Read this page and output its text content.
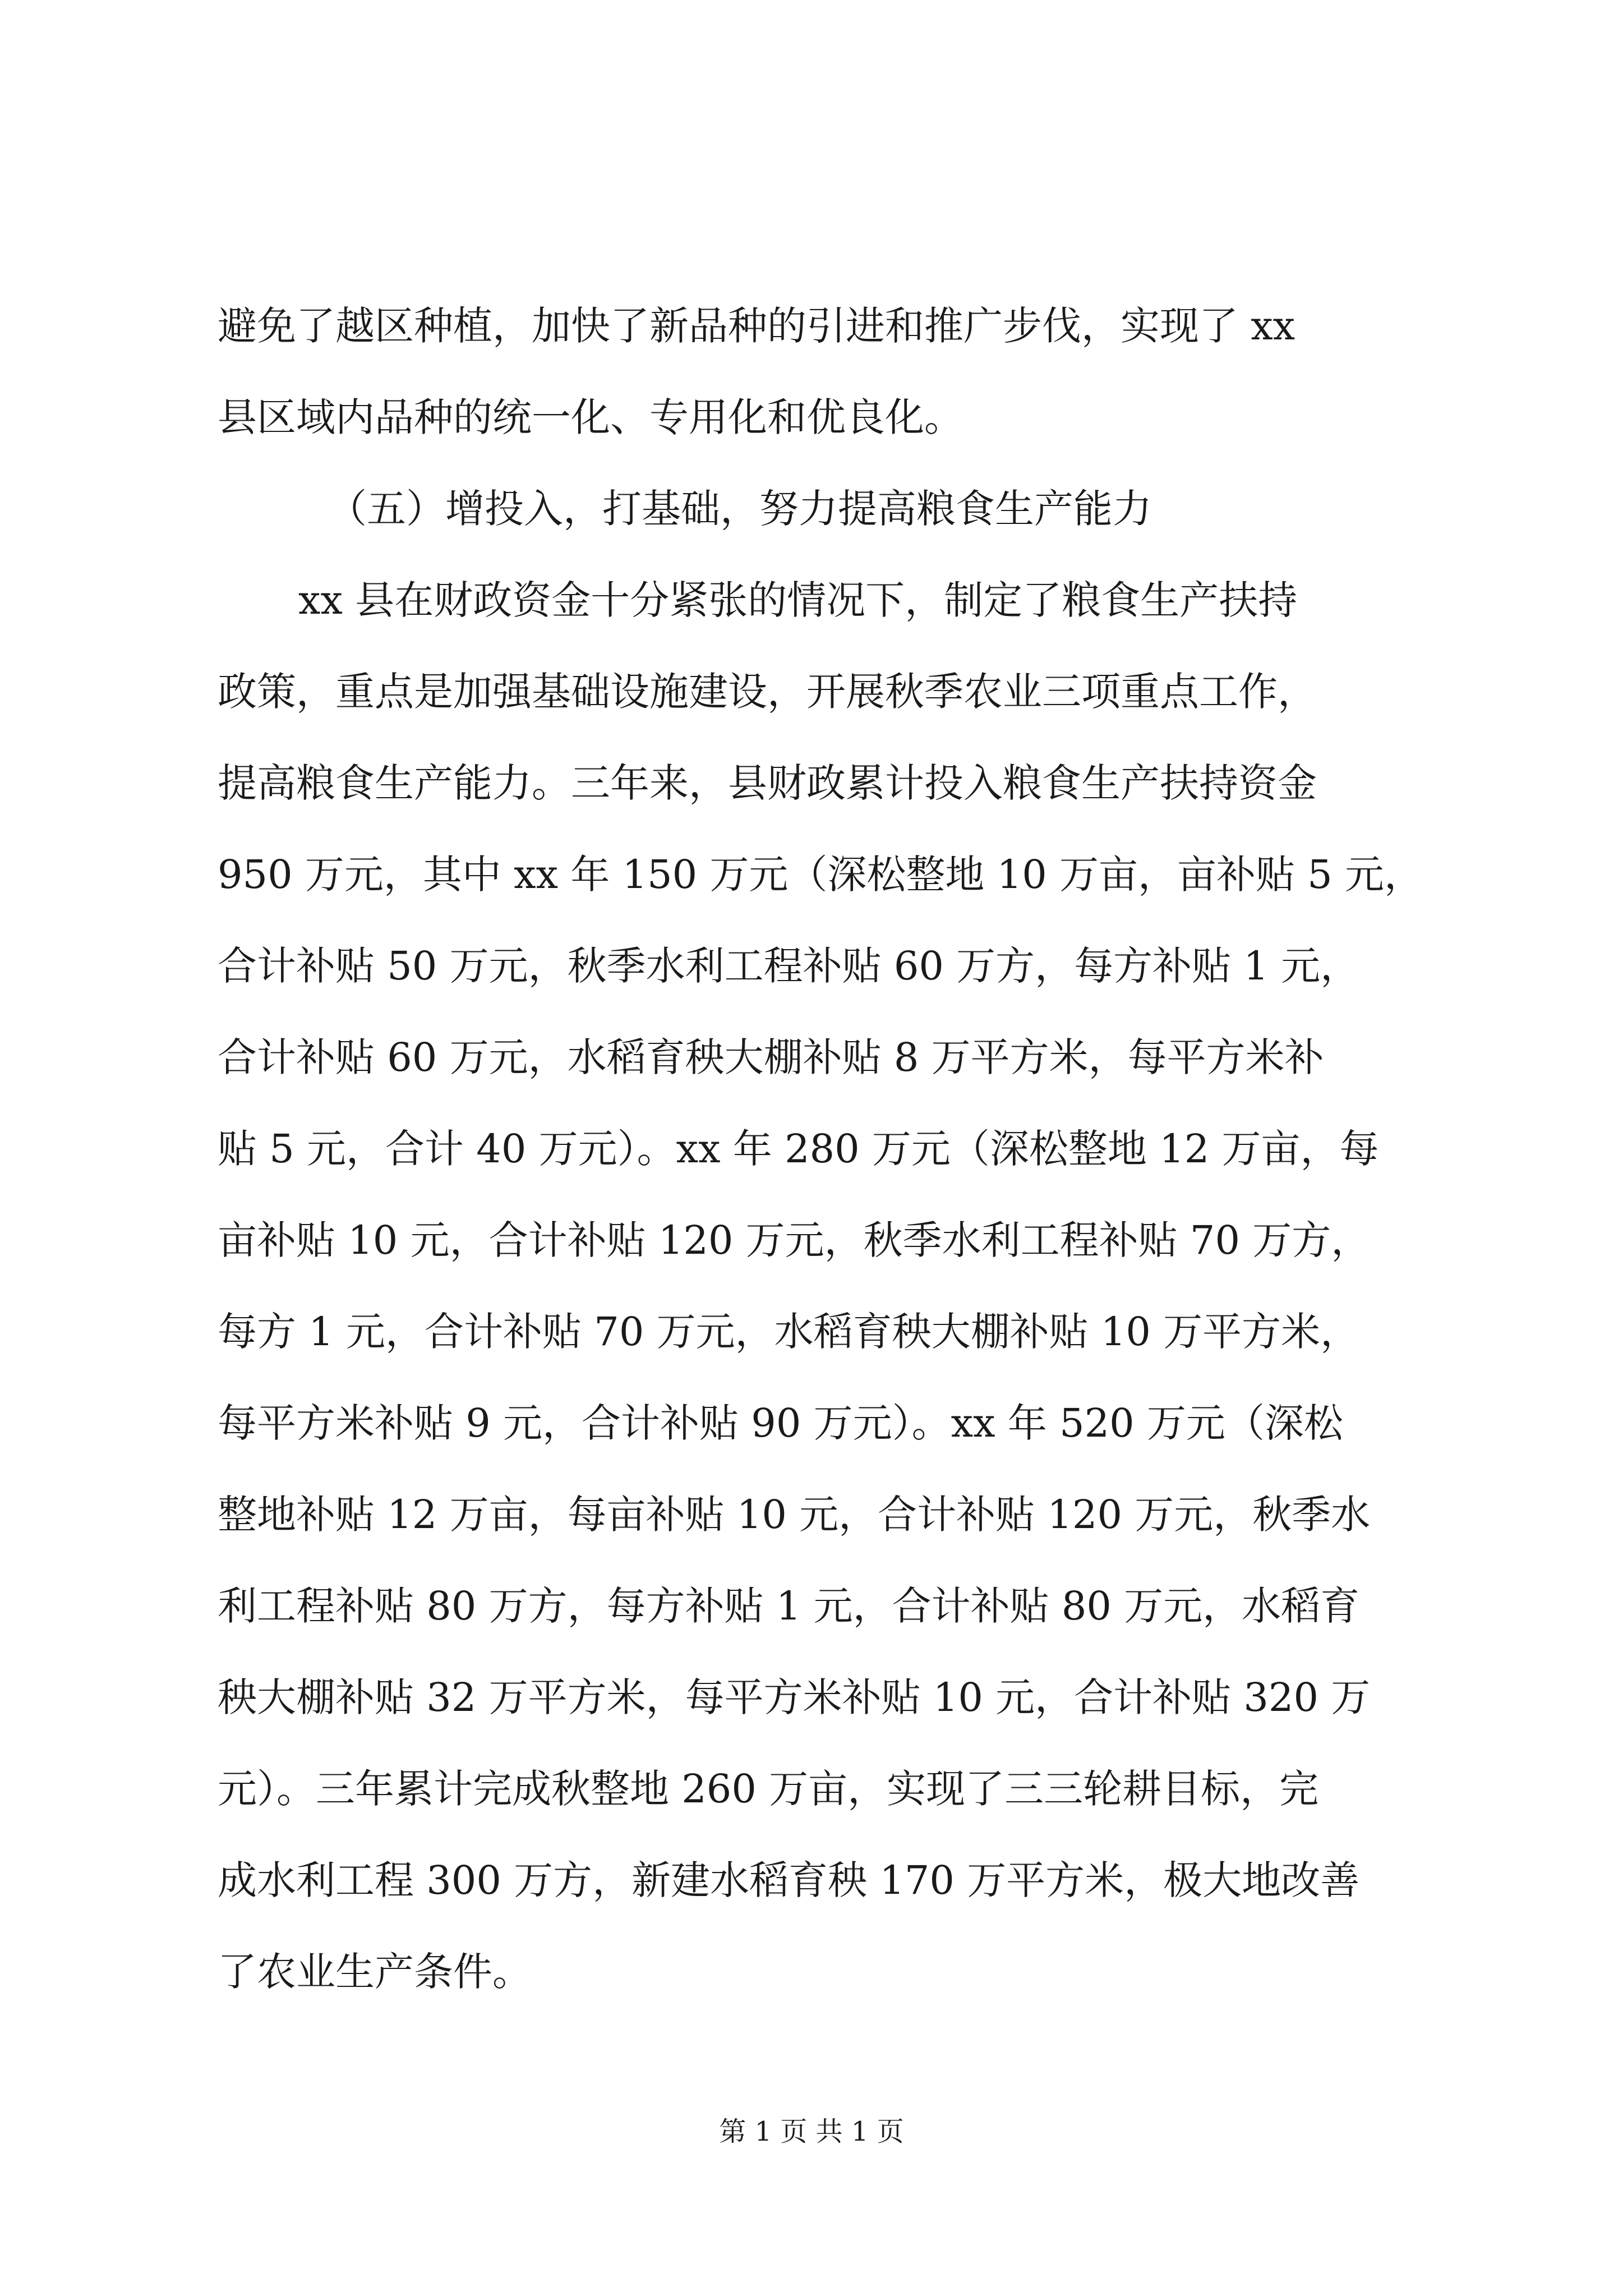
避免了越区种植，加快了新品种的引进和推广步伐，实现了 xx
县区域内品种的统一化、专用化和优良化。
（五）增投入，打基础，努力提高粮食生产能力
xx 县在财政资金十分紧张的情况下，制定了粮食生产扶持
政策，重点是加强基础设施建设，开展秋季农业三项重点工作，
提高粮食生产能力。三年来，县财政累计投入粮食生产扶持资金
950 万元，其中 xx 年 150 万元（深松整地 10 万亩，亩补贴 5 元，
合计补贴 50 万元，秋季水利工程补贴 60 万方，每方补贴 1 元，
合计补贴 60 万元，水稻育秧大棚补贴 8 万平方米，每平方米补
贴 5 元，合计 40 万元）。xx 年 280 万元（深松整地 12 万亩，每
亩补贴 10 元，合计补贴 120 万元，秋季水利工程补贴 70 万方，
每方 1 元，合计补贴 70 万元，水稻育秧大棚补贴 10 万平方米，
每平方米补贴 9 元，合计补贴 90 万元）。xx 年 520 万元（深松
整地补贴 12 万亩，每亩补贴 10 元，合计补贴 120 万元，秋季水
利工程补贴 80 万方，每方补贴 1 元，合计补贴 80 万元，水稻育
秧大棚补贴 32 万平方米，每平方米补贴 10 元，合计补贴 320 万
元）。三年累计完成秋整地 260 万亩，实现了三三轮耕目标，完
成水利工程 300 万方，新建水稻育秧 170 万平方米，极大地改善
了农业生产条件。
第 1 页 共 1 页
